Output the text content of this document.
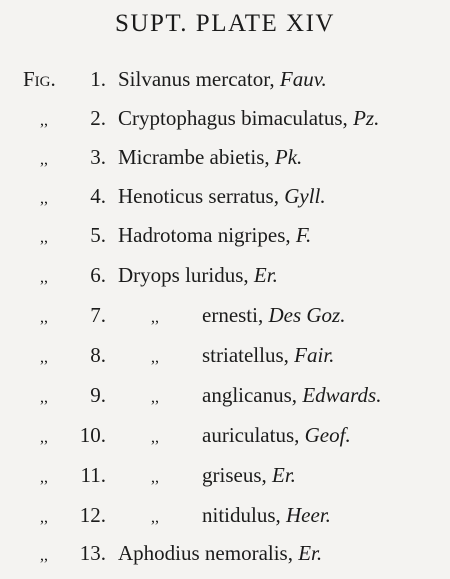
SUPT. PLATE XIV
Fig. 1. Silvanus mercator, Fauv.
,, 2. Cryptophagus bimaculatus, Pz.
,, 3. Micrambe abietis, Pk.
,, 4. Henoticus serratus, Gyll.
,, 5. Hadrotoma nigripes, F.
,, 6. Dryops luridus, Er.
,, 7.	,, ernesti, Des Goz.
,, 8.	,, striatellus, Fair.
,, 9.	,, anglicanus, Edwards.
,, 10.	,, auriculatus, Geof.
,, 11.	,, griseus, Er.
,, 12.	,, nitidulus, Heer.
,, 13. Aphodius nemoralis, Er.
